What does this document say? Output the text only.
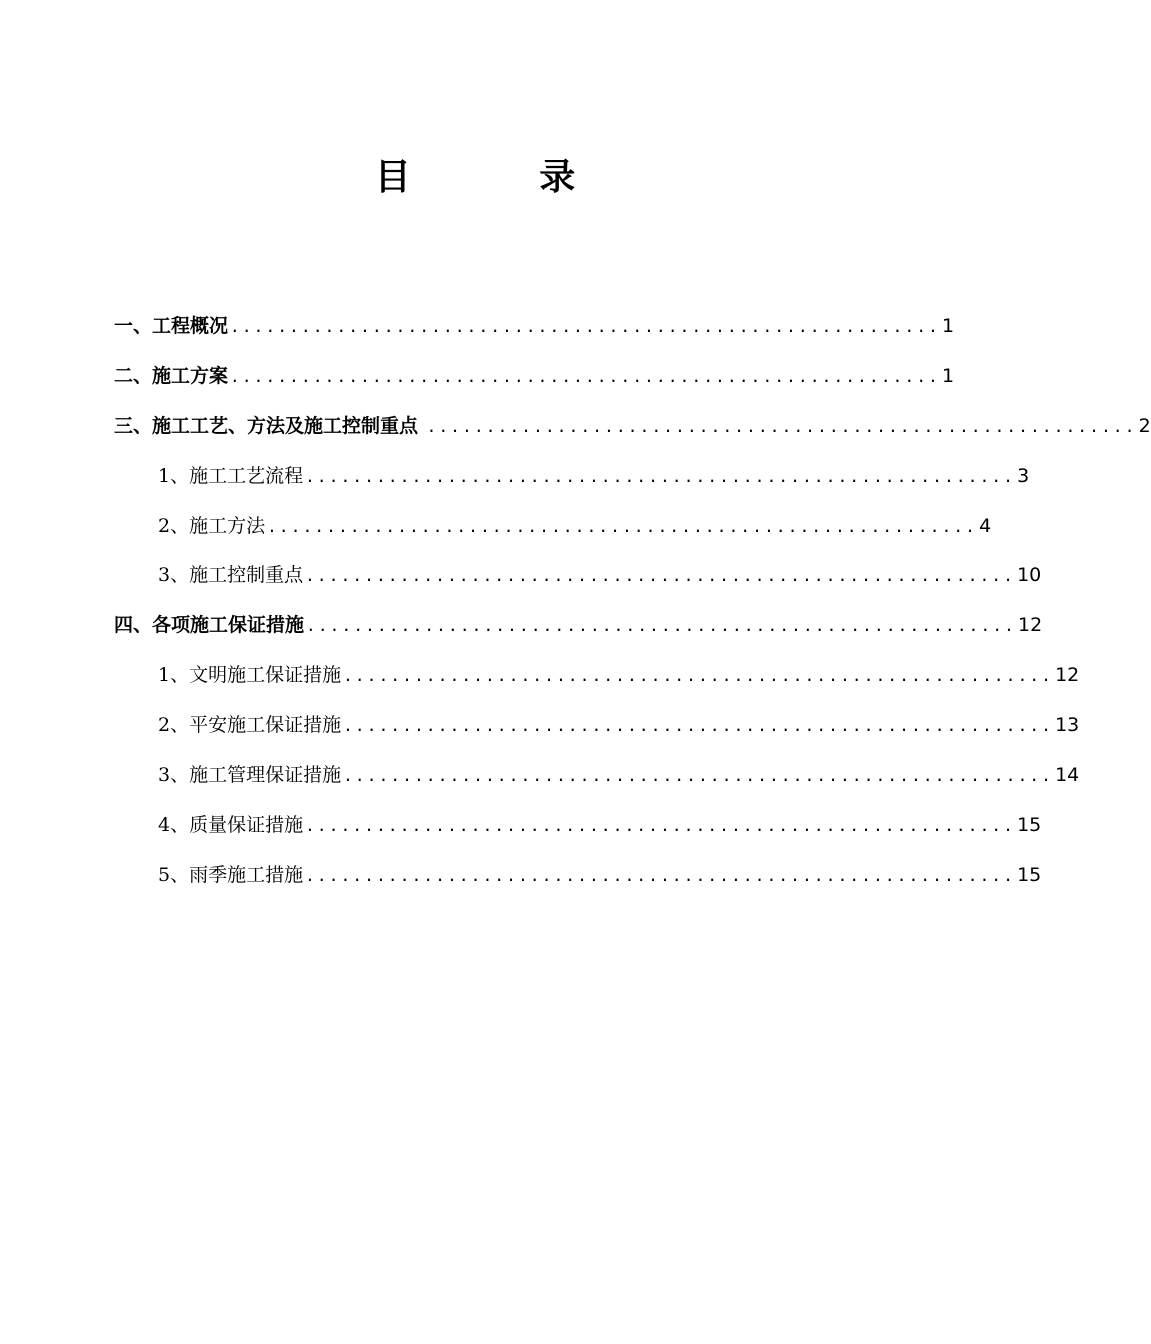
目 录
一、工程概况 ............................................................ 1
二、施工方案 ............................................................ 1
三、施工工艺、方法及施工控制重点 ............................................................ 2
1、施工工艺流程 ............................................................ 3
2、施工方法 ............................................................ 4
3、施工控制重点 ............................................................ 10
四、各项施工保证措施 ............................................................ 12
1、文明施工保证措施 ............................................................ 12
2、平安施工保证措施 ............................................................ 13
3、施工管理保证措施 ............................................................ 14
4、质量保证措施 ............................................................ 15
5、雨季施工措施 ............................................................ 15
